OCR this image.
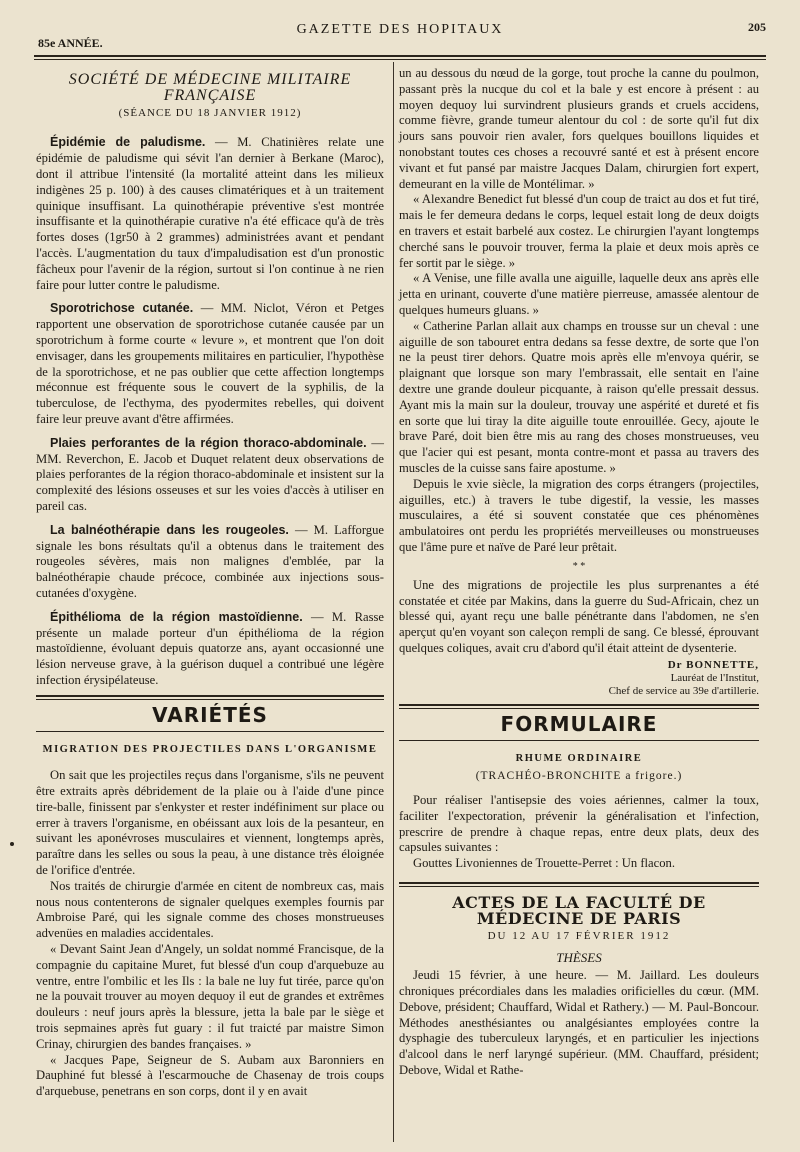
85e ANNÉE.
GAZETTE DES HOPITAUX	205
SOCIÉTÉ DE MÉDECINE MILITAIRE FRANÇAISE
(SÉANCE DU 18 JANVIER 1912)

Épidémie de paludisme. — M. Chatinières relate une épidémie de paludisme qui sévit l'an dernier à Berkane (Maroc), dont il attribue l'intensité (la mortalité atteint dans les milieux indigènes 25 p. 100) à des causes climatériques et à un traitement quinique insuffisant. La quinothérapie préventive s'est montrée insuffisante et la quinothérapie curative n'a été efficace qu'à de très fortes doses (1gr50 à 2 grammes) administrées avant et pendant l'accès. L'augmentation du taux d'impaludisation est d'un pronostic fâcheux pour l'avenir de la région, surtout si l'on continue à ne rien faire pour lutter contre le paludisme.

Sporotrichose cutanée. — MM. Niclot, Véron et Petges rapportent une observation de sporotrichose cutanée causée par un sporotrichum à forme courte « levure », et montrent que l'on doit envisager, dans les groupements militaires en particulier, l'hypothèse de la sporotrichose, et ne pas oublier que cette affection longtemps méconnue est fréquente sous le couvert de la syphilis, de la tuberculose, de l'ecthyma, des pyodermites rebelles, qui doivent faire leur preuve avant d'être affirmées.

Plaies perforantes de la région thoraco-abdominale. — MM. Reverchon, E. Jacob et Duquet relatent deux observations de plaies perforantes de la région thoraco-abdominale et insistent sur la complexité des lésions osseuses et sur les voies d'accès à utiliser en pareil cas.

La balnéothérapie dans les rougeoles. — M. Lafforgue signale les bons résultats qu'il a obtenus dans le traitement des rougeoles sévères, mais non malignes d'emblée, par la balnéothérapie chaude précoce, combinée aux injections sous-cutanées d'oxygène.

Épithélioma de la région mastoïdienne. — M. Rasse présente un malade porteur d'un épithélioma de la région mastoïdienne, évoluant depuis quatorze ans, ayant occasionné une lésion nerveuse grave, à la guérison duquel a contribué une légère infection érysipélateuse.

VARIÉTÉS
MIGRATION DES PROJECTILES DANS L'ORGANISME

On sait que les projectiles reçus dans l'organisme, s'ils ne peuvent être extraits après débridement de la plaie ou à l'aide d'une pince tire-balle, finissent par s'enkyster et rester indéfiniment sur place ou errer à travers l'organisme, en obéissant aux lois de la pesanteur, en suivant les aponévroses musculaires et viennent, longtemps après, paraître dans les selles ou sous la peau, à une distance très éloignée de l'orifice d'entrée.

Nos traités de chirurgie d'armée en citent de nombreux cas, mais nous nous contenterons de signaler quelques exemples fournis par Ambroise Paré, qui les signale comme des choses monstrueuses advenües en maladies accidentales.

« Devant Saint Jean d'Angely, un soldat nommé Francisque, de la compagnie du capitaine Muret, fut blessé d'un coup d'arquebuze au ventre, entre l'ombilic et les Ils : la bale ne luy fut tirée, parce qu'on ne la pouvait trouver au moyen dequoy il eut de grandes et extrêmes douleurs : neuf jours après la blessure, jetta la bale par le siège et trois sepmaines après fut guary : il fut traicté par maistre Simon Crinay, chirurgien des bandes françaises. »

« Jacques Pape, Seigneur de S. Aubam aux Baronniers en Dauphiné fut blessé à l'escarmouche de Chasenay de trois coups d'arquebuse, penetrans en son corps, dont il y en avait

un au dessous du nœud de la gorge, tout proche la canne du poulmon, passant près la nucque du col et la bale y est encore à présent : au moyen dequoy lui survindrent plusieurs grands et cruels accidens, comme fièvre, grande tumeur alentour du col : de sorte qu'il fut dix jours sans pouvoir rien avaler, fors quelques bouillons liquides et nonobstant toutes ces choses a recouvré santé et est à présent encore vivant et fut pansé par maistre Jacques Dalam, chirurgien fort expert, demeurant en la ville de Montélimar. »

« Alexandre Benedict fut blessé d'un coup de traict au dos et fut tiré, mais le fer demeura dedans le corps, lequel estait long de deux doigts en travers et estait barbelé aux costez. Le chirurgien l'ayant longtemps cherché sans le pouvoir trouver, ferma la plaie et deux mois après ce fer sortit par le siège. »

« A Venise, une fille avalla une aiguille, laquelle deux ans après elle jetta en urinant, couverte d'une matière pierreuse, amassée alentour de quelques humeurs gluans. »

« Catherine Parlan allait aux champs en trousse sur un cheval : une aiguille de son tabouret entra dedans sa fesse dextre, de sorte que l'on ne la peust tirer dehors. Quatre mois après elle m'envoya quérir, se plaignant que lorsque son mary l'embrassait, elle sentait en l'aine dextre une grande douleur picquante, à raison qu'elle pressait dessus. Ayant mis la main sur la douleur, trouvay une aspérité et dureté et fis en sorte que lui tiray la dite aiguille toute enrouillée. Gecy, ajoute le brave Paré, doit bien être mis au rang des choses monstrueuses, veu que l'acier qui est pesant, monta contre-mont et passa au travers des muscles de la cuisse sans faire apostume. »

Depuis le xvie siècle, la migration des corps étrangers (projectiles, aiguilles, etc.) à travers le tube digestif, la vessie, les masses musculaires, a été si souvent constatée que ces phénomènes ambulatoires ont perdu les propriétés merveilleuses ou monstrueuses que l'âme pure et naïve de Paré leur prêtait.

* *

Une des migrations de projectile les plus surprenantes a été constatée et citée par Makins, dans la guerre du Sud-Africain, chez un blessé qui, ayant reçu une balle pénétrante dans l'abdomen, ne s'en aperçut qu'en voyant son caleçon rempli de sang. Ce blessé, éprouvant quelques coliques, avait cru d'abord qu'il était atteint de dysenterie.

Dr BONNETTE,
Lauréat de l'Institut,
Chef de service au 39e d'artillerie.
FORMULAIRE
RHUME ORDINAIRE
(TRACHÉO-BRONCHITE a frigore.)

Pour réaliser l'antisepsie des voies aériennes, calmer la toux, faciliter l'expectoration, prévenir la généralisation et l'infection, prescrire de prendre à chaque repas, entre deux plats, deux des capsules suivantes :

Gouttes Livoniennes de Trouette-Perret : Un flacon.

ACTES DE LA FACULTÉ DE MÉDECINE DE PARIS
DU 12 AU 17 FÉVRIER 1912
THÈSES

Jeudi 15 février, à une heure. — M. Jaillard. Les douleurs chroniques précordiales dans les maladies orificielles du cœur. (MM. Debove, président; Chauffard, Widal et Rathery.) — M. Paul-Boncour. Méthodes anesthésiantes ou analgésiantes employées contre la dysphagie des tuberculeux laryngés, et en particulier les injections d'alcool dans le nerf laryngé supérieur. (MM. Chauffard, président; Debove, Widal et Rathe-
